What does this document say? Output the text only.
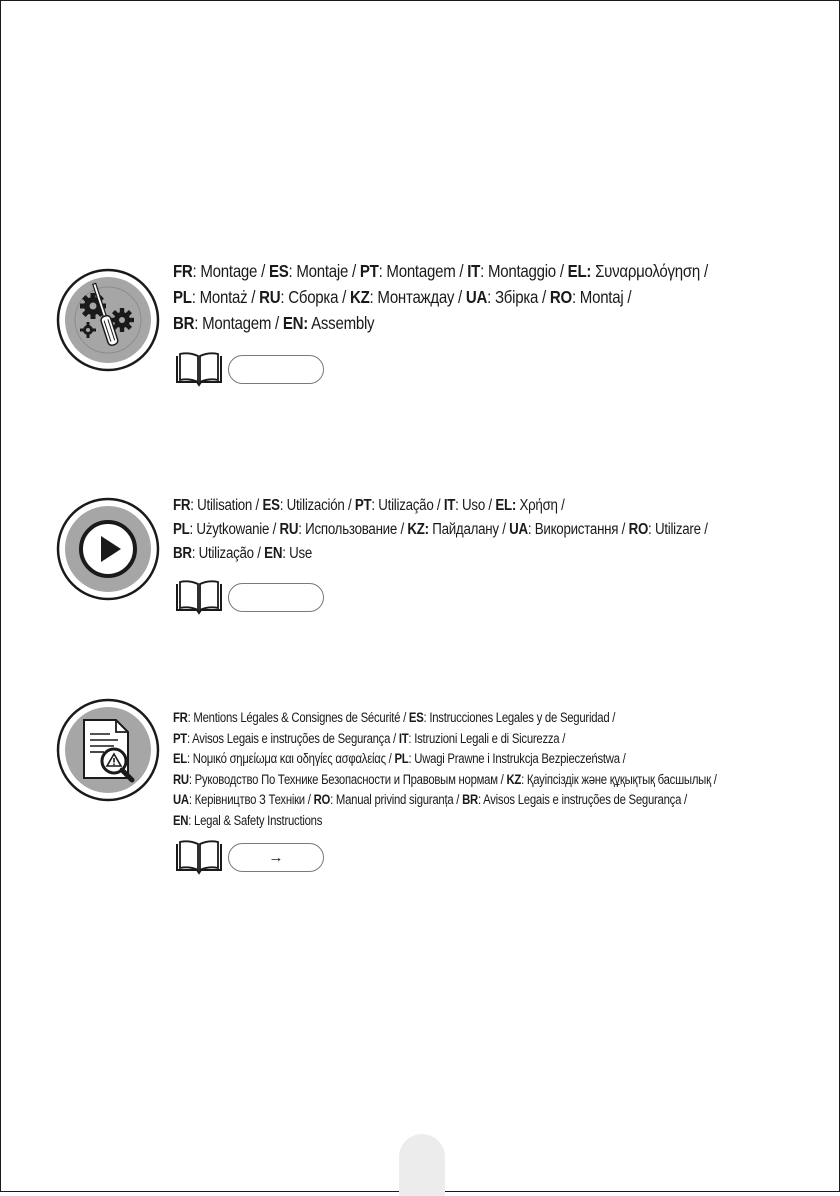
FR: Montage / ES: Montaje / PT: Montagem / IT: Montaggio / EL: Συναρμολόγηση /
PL: Montaż / RU: Сборка / KZ: Монтаждау / UA: Збірка / RO: Montaj /
BR: Montagem / EN: Assembly
FR: Utilisation / ES: Utilización / PT: Utilização / IT: Uso / EL: Χρήση /
PL: Użytkowanie / RU: Использование / KZ: Пайдалану / UA: Використання / RO: Utilizare /
BR: Utilização / EN: Use
FR: Mentions Légales & Consignes de Sécurité / ES: Instrucciones Legales y de Seguridad /
PT: Avisos Legais e instruções de Segurança / IT: Istruzioni Legali e di Sicurezza /
EL: Νομικό σημείωμα και οδηγίες ασφαλείας / PL: Uwagi Prawne i Instrukcja Bezpieczeństwa /
RU: Руководство По Технике Безопасности и Правовым нормам / KZ: Қауіпсіздік және құқықтық басшылық /
UA: Керівництво З Техніки / RO: Manual privind siguranța / BR: Avisos Legais e instruções de Segurança /
EN: Legal & Safety Instructions
→
